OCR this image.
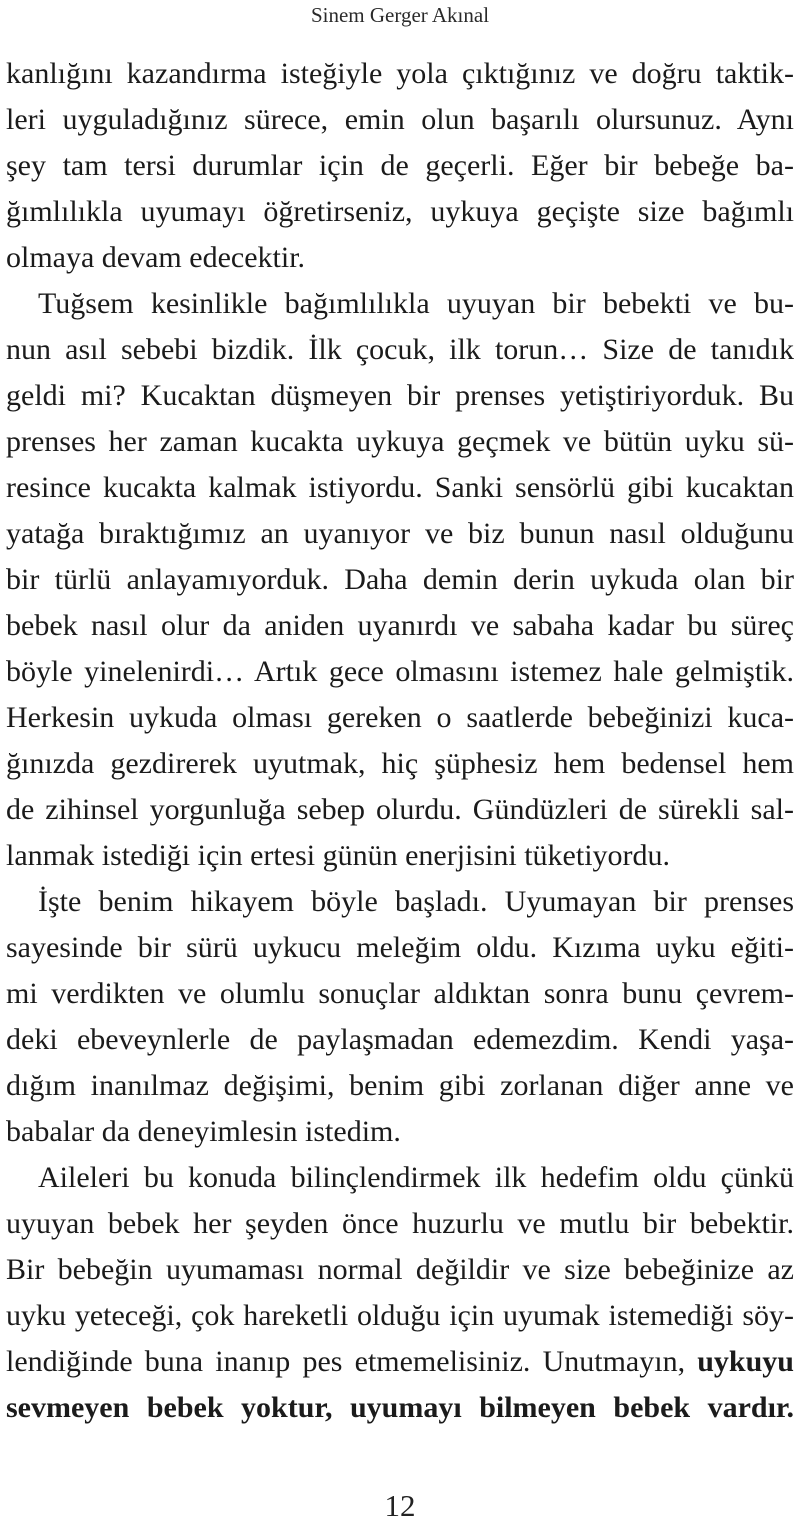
Sinem Gerger Akınal
kanlığını kazandırma isteğiyle yola çıktığınız ve doğru taktik-
leri uyguladığınız sürece, emin olun başarılı olursunuz. Aynı
şey tam tersi durumlar için de geçerli. Eğer bir bebeğe ba-
ğımlılıkla uyumayı öğretirseniz, uykuya geçişte size bağımlı
olmaya devam edecektir.
Tuğsem kesinlikle bağımlılıkla uyuyan bir bebekti ve bu-
nun asıl sebebi bizdik. İlk çocuk, ilk torun… Size de tanıdık
geldi mi? Kucaktan düşmeyen bir prenses yetiştiriyorduk. Bu
prenses her zaman kucakta uykuya geçmek ve bütün uyku sü-
resince kucakta kalmak istiyordu. Sanki sensörlü gibi kucaktan
yatağa bıraktığımız an uyanıyor ve biz bunun nasıl olduğunu
bir türlü anlayamıyorduk. Daha demin derin uykuda olan bir
bebek nasıl olur da aniden uyanırdı ve sabaha kadar bu süreç
böyle yinelenirdi… Artık gece olmasını istemez hale gelmiştik.
Herkesin uykuda olması gereken o saatlerde bebeğinizi kuca-
ğınızda gezdirerek uyutmak, hiç şüphesiz hem bedensel hem
de zihinsel yorgunluğa sebep olurdu. Gündüzleri de sürekli sal-
lanmak istediği için ertesi günün enerjisini tüketiyordu.
İşte benim hikayem böyle başladı. Uyumayan bir prenses
sayesinde bir sürü uykucu meleğim oldu. Kızıma uyku eğiti-
mi verdikten ve olumlu sonuçlar aldıktan sonra bunu çevrem-
deki ebeveynlerle de paylaşmadan edemezdim. Kendi yaşa-
dığım inanılmaz değişimi, benim gibi zorlanan diğer anne ve
babalar da deneyimlesin istedim.
Aileleri bu konuda bilinçlendirmek ilk hedefim oldu çünkü
uyuyan bebek her şeyden önce huzurlu ve mutlu bir bebektir.
Bir bebeğin uyumaması normal değildir ve size bebeğinize az
uyku yeteceği, çok hareketli olduğu için uyumak istemediği söy-
lendiğinde buna inanıp pes etmemelisiniz. Unutmayın, uykuyu
sevmeyen bebek yoktur, uyumayı bilmeyen bebek vardır.
12
